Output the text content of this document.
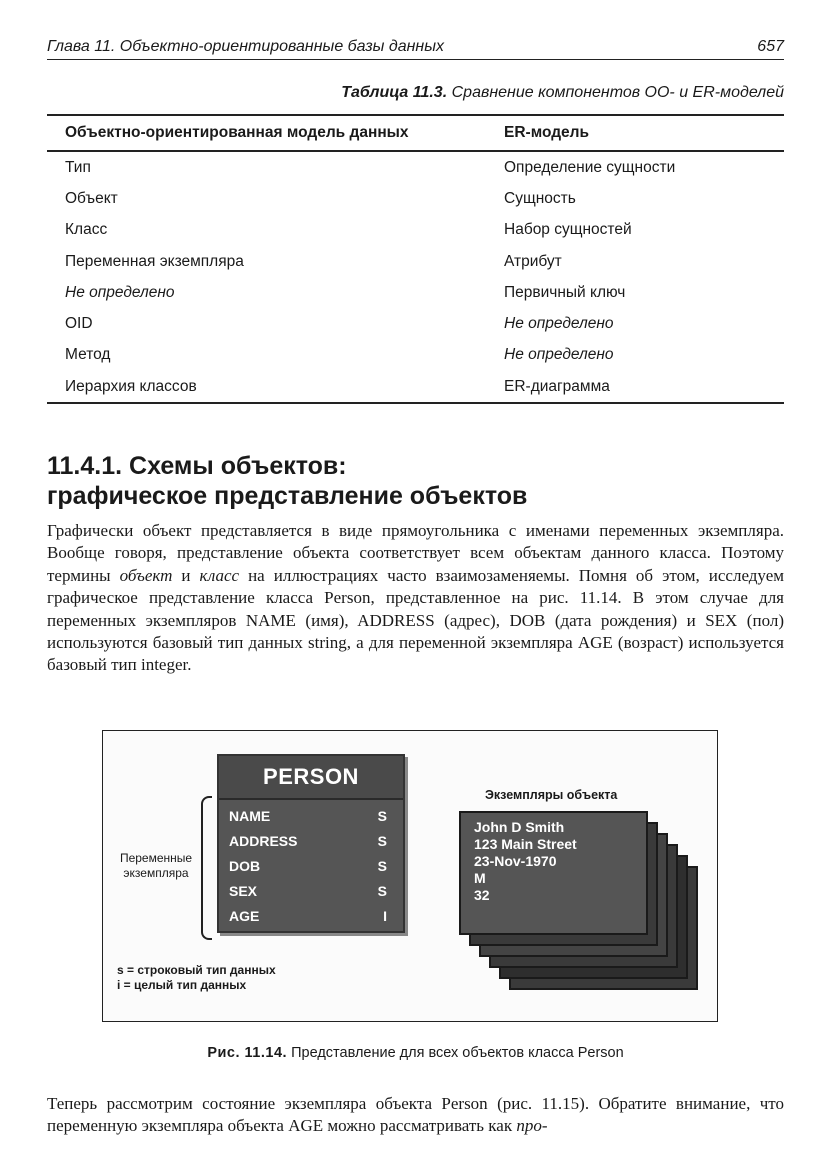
Глава 11. Объектно-ориентированные базы данных	657
Таблица 11.3. Сравнение компонентов ОО- и ER-моделей
Объектно-ориентированная модель данных	ER-модель
Тип	Определение сущности
Объект	Сущность
Класс	Набор сущностей
Переменная экземпляра	Атрибут
Не определено	Первичный ключ
OID	Не определено
Метод	Не определено
Иерархия классов	ER-диаграмма
11.4.1. Схемы объектов:
графическое представление объектов

Графически объект представляется в виде прямоугольника с именами переменных экземпляра. Вообще говоря, представление объекта соответствует всем объектам данного класса. Поэтому термины объект и класс на иллюстрациях часто взаимозаменяемы. Помня об этом, исследуем графическое представление класса Person, представленное на рис. 11.14. В этом случае для переменных экземпляров NAME (имя), ADDRESS (адрес), DOB (дата рождения) и SEX (пол) используются базовый тип данных string, а для переменной экземпляра AGE (возраст) используется базовый тип integer.

PERSON
NAME	S
ADDRESS	S
DOB	S
SEX	S
AGE	I
Переменные
экземпляра
s = строковый тип данных
i = целый тип данных
Экземпляры объекта
John D Smith
123 Main Street
23-Nov-1970
M
32
Рис. 11.14. Представление для всех объектов класса Person

Теперь рассмотрим состояние экземпляра объекта Person (рис. 11.15). Обратите внимание, что переменную экземпляра объекта AGE можно рассматривать как про-
